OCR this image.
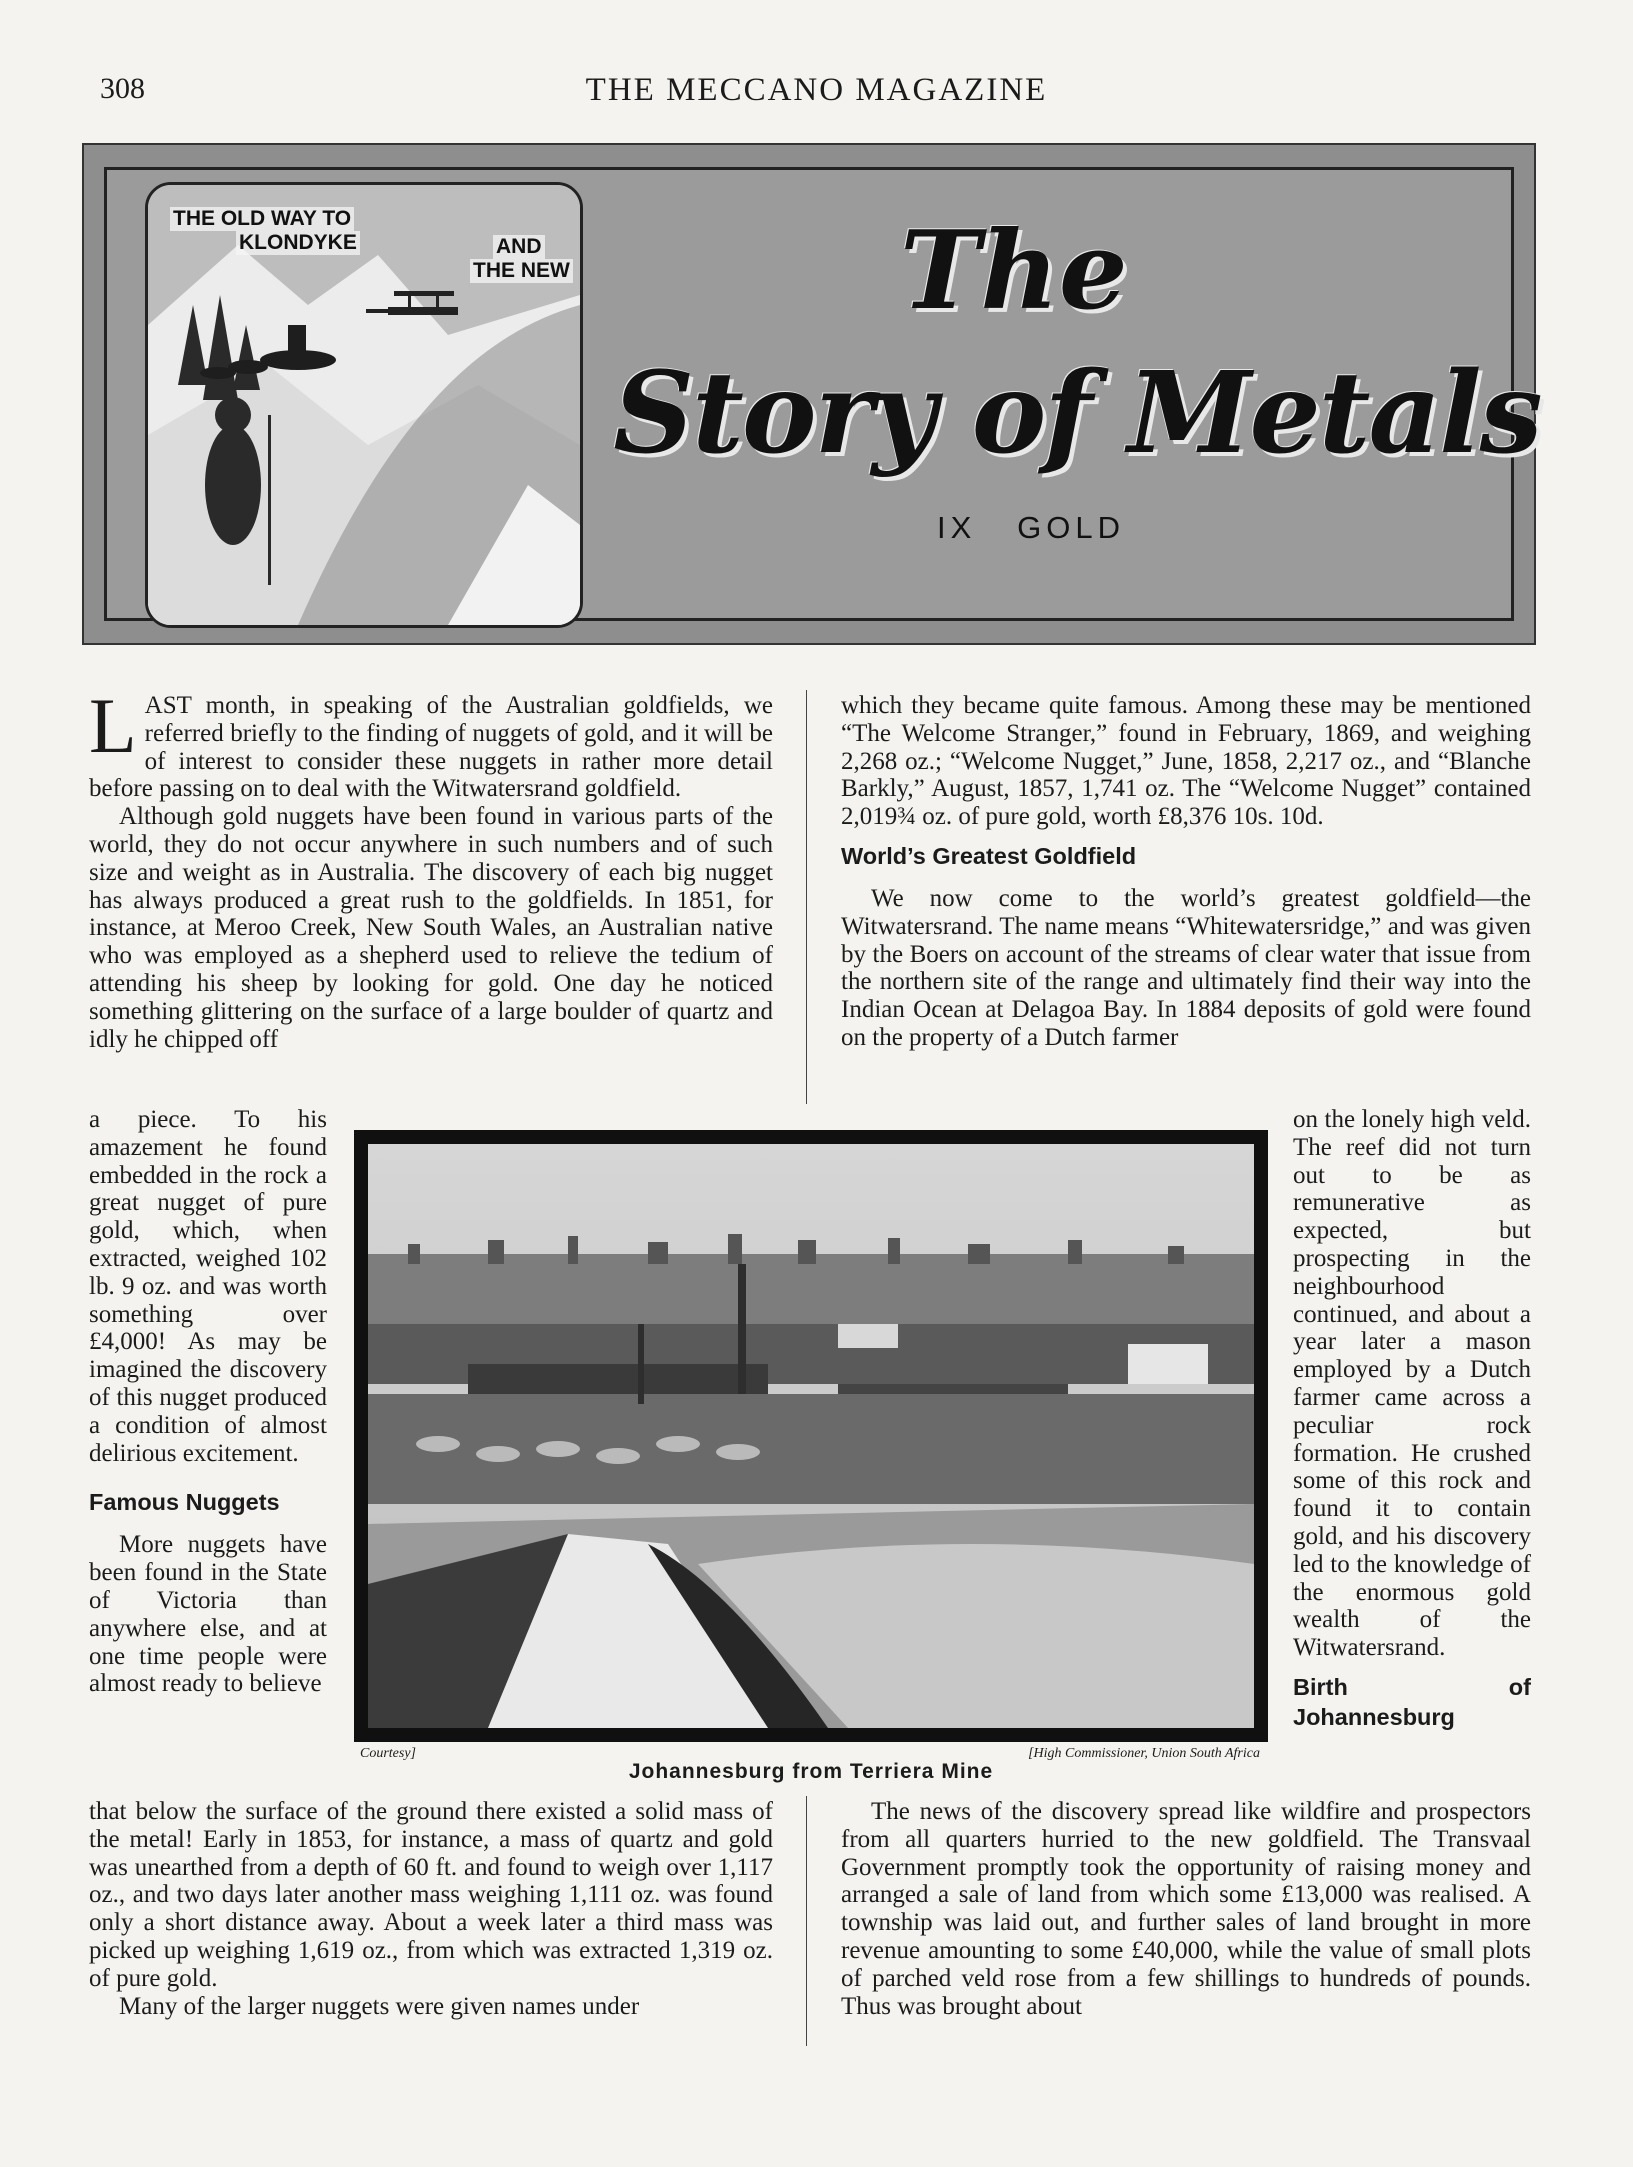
308	THE MECCANO MAGAZINE
THE OLD WAY TO
KLONDYKE	AND
THE NEW	The
Story of Metals
IX   GOLD

LAST month, in speaking of the Australian goldfields, we referred briefly to the finding of nuggets of gold, and it will be of interest to consider these nuggets in rather more detail before passing on to deal with the Witwatersrand goldfield.

Although gold nuggets have been found in various parts of the world, they do not occur anywhere in such numbers and of such size and weight as in Australia. The discovery of each big nugget has always produced a great rush to the goldfields. In 1851, for instance, at Meroo Creek, New South Wales, an Australian native who was employed as a shepherd used to relieve the tedium of attending his sheep by looking for gold. One day he noticed something glittering on the surface of a large boulder of quartz and idly he chipped off

a piece. To his amazement he found embedded in the rock a great nugget of pure gold, which, when extracted, weighed 102 lb. 9 oz. and was worth something over £4,000! As may be imagined the discovery of this nugget produced a condition of almost delirious excitement.

Famous Nuggets

More nuggets have been found in the State of Victoria than anywhere else, and at one time people were almost ready to believe

that below the surface of the ground there existed a solid mass of the metal! Early in 1853, for instance, a mass of quartz and gold was unearthed from a depth of 60 ft. and found to weigh over 1,117 oz., and two days later another mass weighing 1,111 oz. was found only a short distance away. About a week later a third mass was picked up weighing 1,619 oz., from which was extracted 1,319 oz. of pure gold.

Many of the larger nuggets were given names under

which they became quite famous. Among these may be mentioned “The Welcome Stranger,” found in February, 1869, and weighing 2,268 oz.; “Welcome Nugget,” June, 1858, 2,217 oz., and “Blanche Barkly,” August, 1857, 1,741 oz. The “Welcome Nugget” contained 2,019¾ oz. of pure gold, worth £8,376 10s. 10d.

World’s Greatest Goldfield

We now come to the world’s greatest goldfield—the Witwatersrand. The name means “Whitewatersridge,” and was given by the Boers on account of the streams of clear water that issue from the northern site of the range and ultimately find their way into the Indian Ocean at Delagoa Bay. In 1884 deposits of gold were found on the property of a Dutch farmer

on the lonely high veld. The reef did not turn out to be as remunerative as expected, but prospecting in the neighbourhood continued, and about a year later a mason employed by a Dutch farmer came across a peculiar rock formation. He crushed some of this rock and found it to contain gold, and his discovery led to the knowledge of the enormous gold wealth of the Witwatersrand.

Birth of Johannesburg

The news of the discovery spread like wildfire and prospectors from all quarters hurried to the new goldfield. The Transvaal Government promptly took the opportunity of raising money and arranged a sale of land from which some £13,000 was realised. A township was laid out, and further sales of land brought in more revenue amounting to some £40,000, while the value of small plots of parched veld rose from a few shillings to hundreds of pounds. Thus was brought about

Courtesy]	[High Commissioner, Union South Africa
Johannesburg from Terriera Mine
